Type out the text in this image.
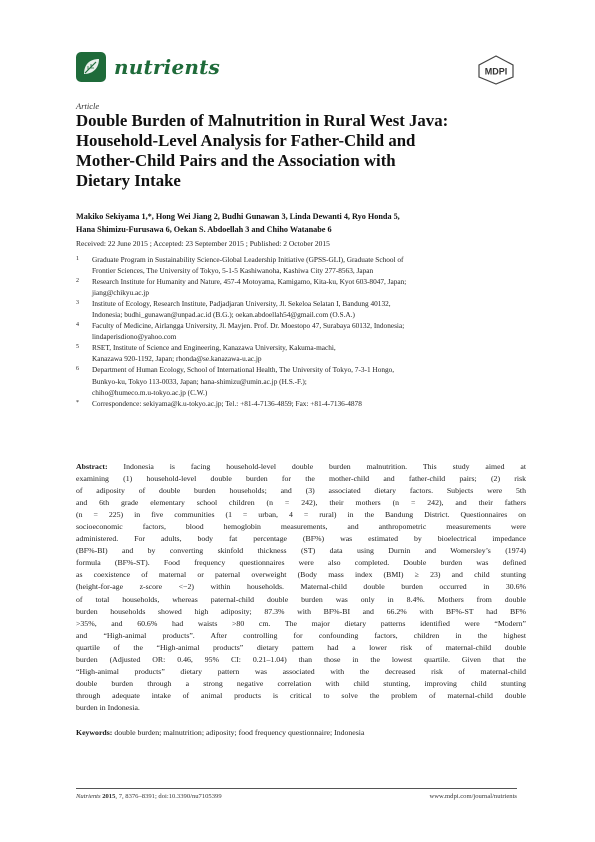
nutrients	MDPI
Article
Double Burden of Malnutrition in Rural West Java:
Household-Level Analysis for Father-Child and
Mother-Child Pairs and the Association with
Dietary Intake
Makiko Sekiyama 1,*, Hong Wei Jiang 2, Budhi Gunawan 3, Linda Dewanti 4, Ryo Honda 5,
Hana Shimizu-Furusawa 6, Oekan S. Abdoellah 3 and Chiho Watanabe 6
Received: 22 June 2015 ; Accepted: 23 September 2015 ; Published: 2 October 2015
1	Graduate Program in Sustainability Science-Global Leadership Initiative (GPSS-GLI), Graduate School of
Frontier Sciences, The University of Tokyo, 5-1-5 Kashiwanoha, Kashiwa City 277-8563, Japan
2	Research Institute for Humanity and Nature, 457-4 Motoyama, Kamigamo, Kita-ku, Kyot 603-8047, Japan;
jiang@chikyu.ac.jp
3	Institute of Ecology, Research Institute, Padjadjaran University, Jl. Sekeloa Selatan I, Bandung 40132,
Indonesia; budhi_gunawan@unpad.ac.id (B.G.); oekan.abdoellah54@gmail.com (O.S.A.)
4	Faculty of Medicine, Airlangga University, Jl. Mayjen. Prof. Dr. Moestopo 47, Surabaya 60132, Indonesia;
lindaperisdiono@yahoo.com
5	RSET, Institute of Science and Engineering, Kanazawa University, Kakuma-machi,
Kanazawa 920-1192, Japan; rhonda@se.kanazawa-u.ac.jp
6	Department of Human Ecology, School of International Health, The University of Tokyo, 7-3-1 Hongo,
Bunkyo-ku, Tokyo 113-0033, Japan; hana-shimizu@umin.ac.jp (H.S.-F.);
chiho@humeco.m.u-tokyo.ac.jp (C.W.)
*	Correspondence: sekiyama@k.u-tokyo.ac.jp; Tel.: +81-4-7136-4859; Fax: +81-4-7136-4878
Abstract: Indonesia is facing household-level double burden malnutrition. This study aimed at
examining (1) household-level double burden for the mother-child and father-child pairs; (2) risk
of adiposity of double burden households; and (3) associated dietary factors. Subjects were 5th
and 6th grade elementary school children (n = 242), their mothers (n = 242), and their fathers
(n = 225) in five communities (1 = urban, 4 = rural) in the Bandung District. Questionnaires on
socioeconomic factors, blood hemoglobin measurements, and anthropometric measurements were
administered. For adults, body fat percentage (BF%) was estimated by bioelectrical impedance
(BF%-BI) and by converting skinfold thickness (ST) data using Durnin and Womersley’s (1974)
formula (BF%-ST). Food frequency questionnaires were also completed. Double burden was defined
as coexistence of maternal or paternal overweight (Body mass index (BMI) ≥ 23) and child stunting
(height-for-age z-score <−2) within households. Maternal-child double burden occurred in 30.6%
of total households, whereas paternal-child double burden was only in 8.4%. Mothers from double
burden households showed high adiposity; 87.3% with BF%-BI and 66.2% with BF%-ST had BF%
>35%, and 60.6% had waists >80 cm. The major dietary patterns identified were “Modern”
and “High-animal products”. After controlling for confounding factors, children in the highest
quartile of the “High-animal products” dietary pattern had a lower risk of maternal-child double
burden (Adjusted OR: 0.46, 95% CI: 0.21–1.04) than those in the lowest quartile. Given that the
“High-animal products” dietary pattern was associated with the decreased risk of maternal-child
double burden through a strong negative correlation with child stunting, improving child stunting
through adequate intake of animal products is critical to solve the problem of maternal-child double
burden in Indonesia.
Keywords: double burden; malnutrition; adiposity; food frequency questionnaire; Indonesia
Nutrients 2015, 7, 8376–8391; doi:10.3390/nu7105399	www.mdpi.com/journal/nutrients
